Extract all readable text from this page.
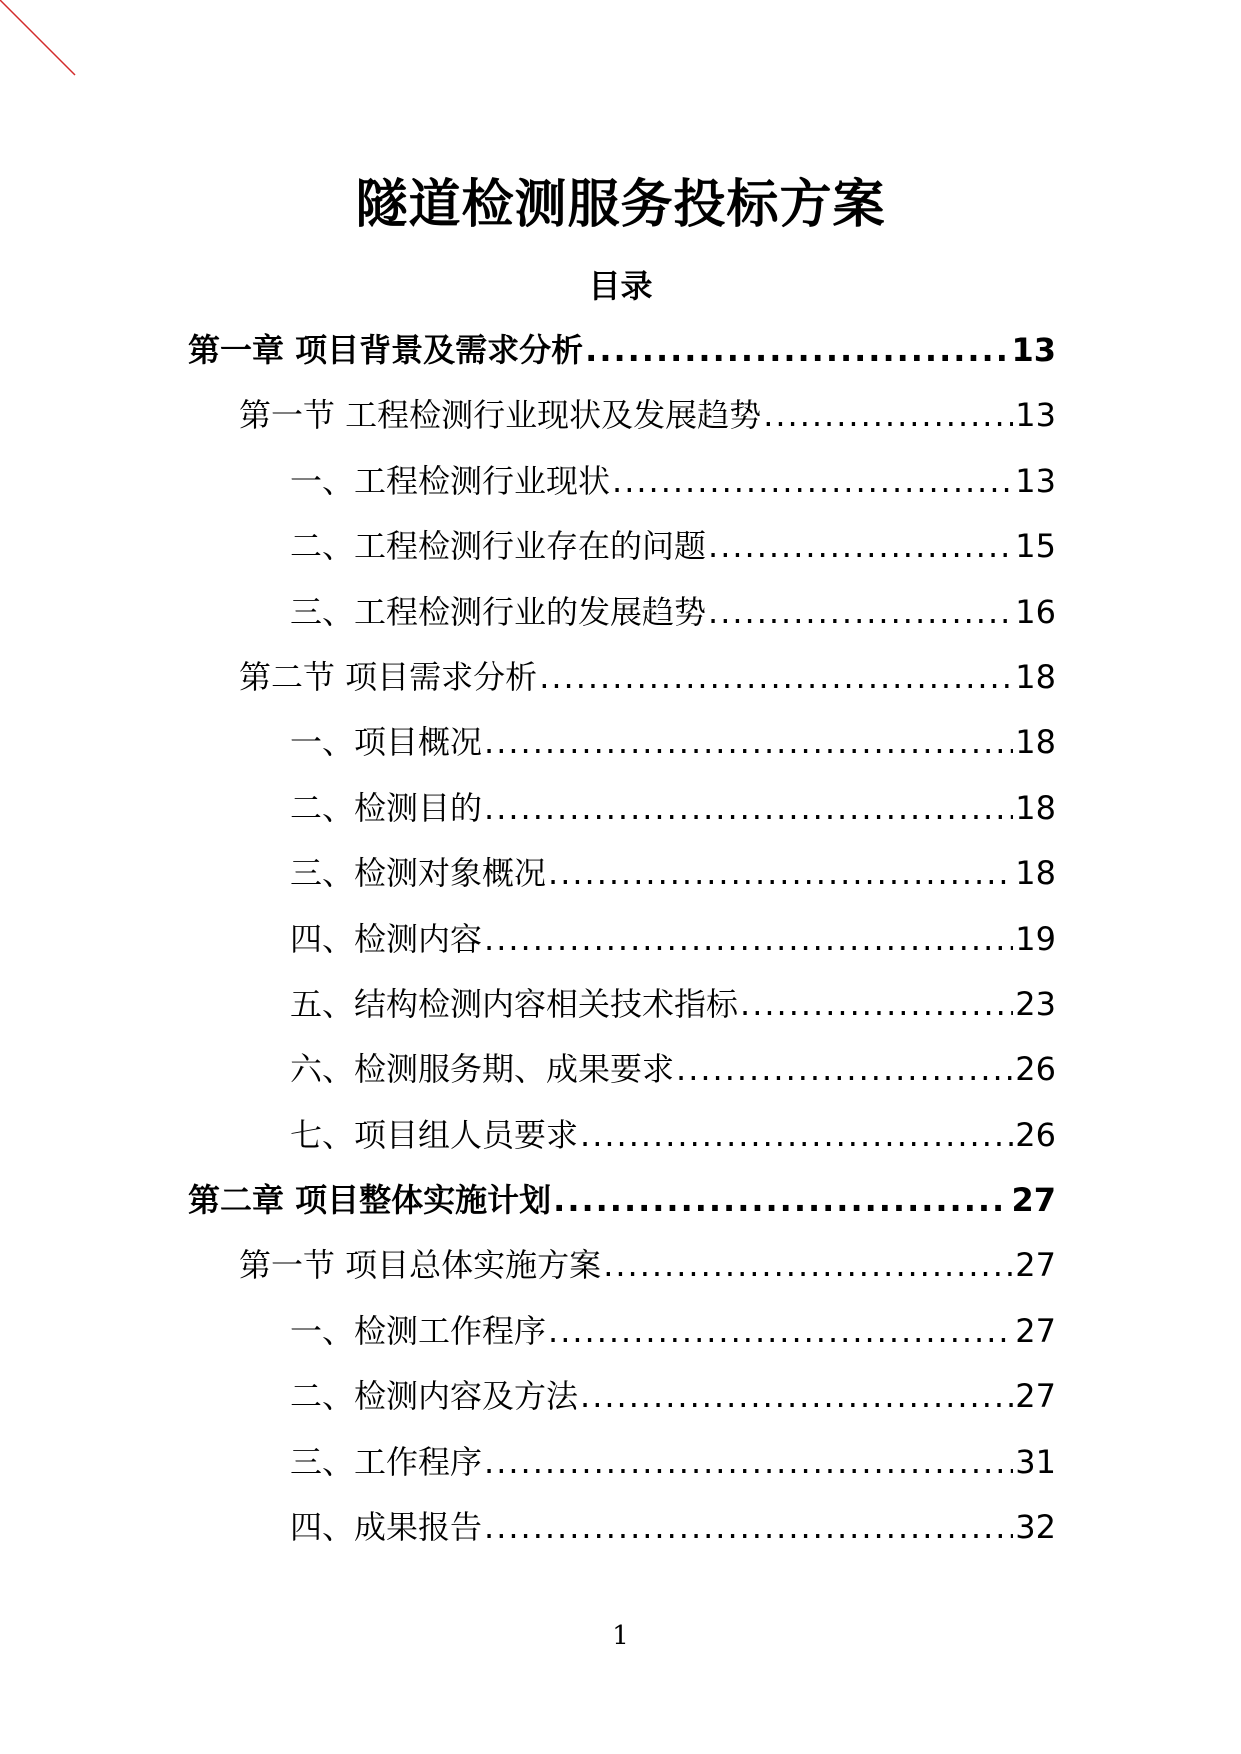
隧道检测服务投标方案
目录
第一章 项目背景及需求分析 .....	13
第一节 工程检测行业现状及发展趋势 .....	13
一、工程检测行业现状 .....	13
二、工程检测行业存在的问题 .....	15
三、工程检测行业的发展趋势 .....	16
第二节 项目需求分析 .....	18
一、项目概况 .....	18
二、检测目的 .....	18
三、检测对象概况 .....	18
四、检测内容 .....	19
五、结构检测内容相关技术指标 .....	23
六、检测服务期、成果要求 .....	26
七、项目组人员要求 .....	26
第二章 项目整体实施计划 .....	27
第一节 项目总体实施方案 .....	27
一、检测工作程序 .....	27
二、检测内容及方法 .....	27
三、工作程序 .....	31
四、成果报告 .....	32
1
